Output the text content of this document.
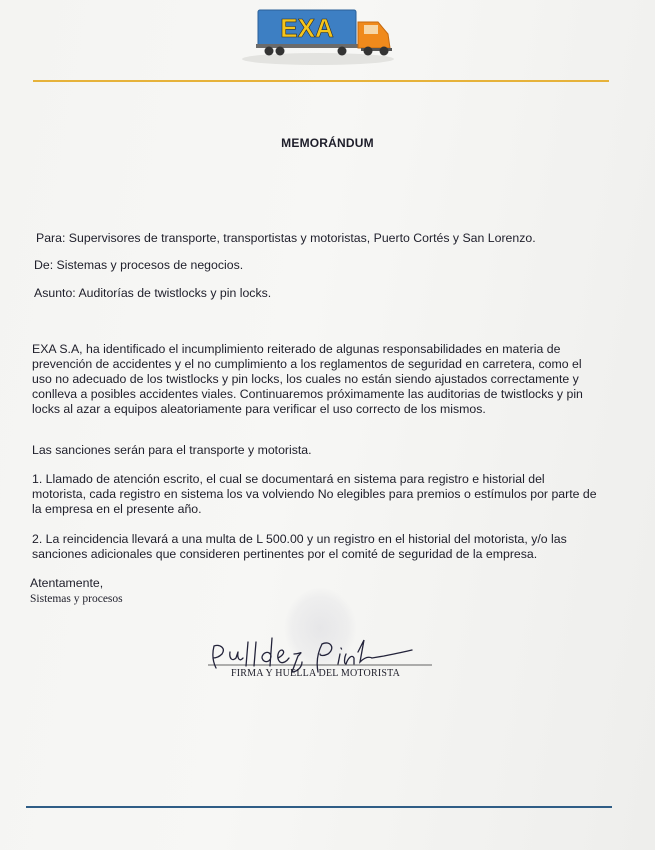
EXA
MEMORÁNDUM
Para: Supervisores de transporte, transportistas y motoristas, Puerto Cortés y San Lorenzo.
De: Sistemas y procesos de negocios.
Asunto: Auditorías de twistlocks y pin locks.
EXA S.A, ha identificado el incumplimiento reiterado de algunas responsabilidades en materia de
prevención de accidentes y el no cumplimiento a los reglamentos de seguridad en carretera, como el
uso no adecuado de los twistlocks y pin locks, los cuales no están siendo ajustados correctamente y
conlleva a posibles accidentes viales. Continuaremos próximamente las auditorias de twistlocks y pin
locks al azar a equipos aleatoriamente para verificar el uso correcto de los mismos.
Las sanciones serán para el transporte y motorista.
1. Llamado de atención escrito, el cual se documentará en sistema para registro e historial del
motorista, cada registro en sistema los va volviendo No elegibles para premios o estímulos por parte de
la empresa en el presente año.
2. La reincidencia llevará a una multa de L 500.00 y un registro en el historial del motorista, y/o las
sanciones adicionales que consideren pertinentes por el comité de seguridad de la empresa.
Atentamente,
Sistemas y procesos
FIRMA Y HUELLA DEL MOTORISTA
